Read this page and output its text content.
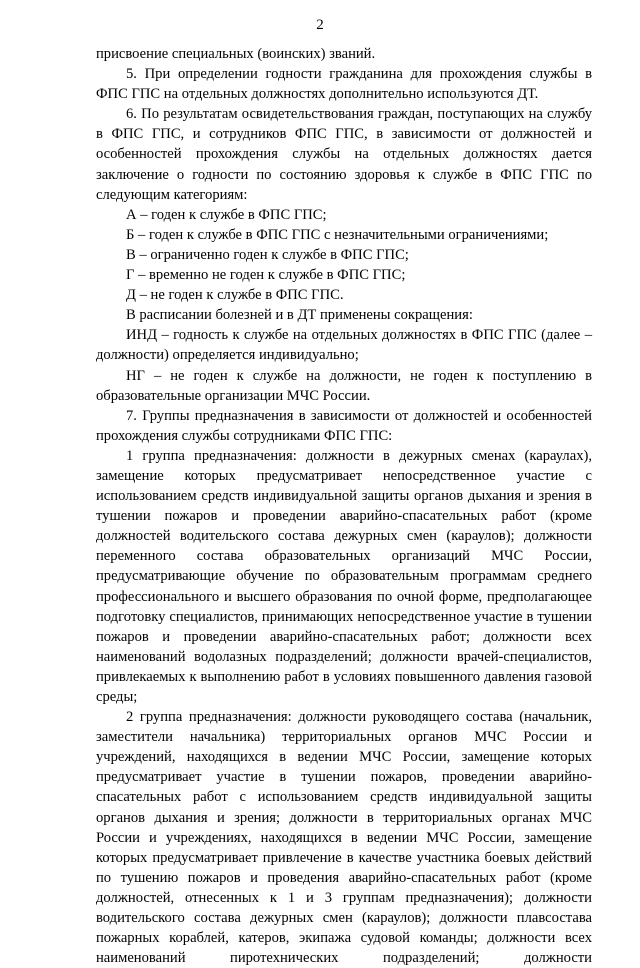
2

присвоение специальных (воинских) званий.

5. При определении годности гражданина для прохождения службы в ФПС ГПС на отдельных должностях дополнительно используются ДТ.

6. По результатам освидетельствования граждан, поступающих на службу в ФПС ГПС, и сотрудников ФПС ГПС, в зависимости от должностей и особенностей прохождения службы на отдельных должностях дается заключение о годности по состоянию здоровья к службе в ФПС ГПС по следующим категориям:

А – годен к службе в ФПС ГПС;

Б – годен к службе в ФПС ГПС с незначительными ограничениями;

В – ограниченно годен к службе в ФПС ГПС;

Г – временно не годен к службе в ФПС ГПС;

Д – не годен к службе в ФПС ГПС.

В расписании болезней и в ДТ применены сокращения:

ИНД – годность к службе на отдельных должностях в ФПС ГПС (далее – должности) определяется индивидуально;

НГ – не годен к службе на должности, не годен к поступлению в образовательные организации МЧС России.

7. Группы предназначения в зависимости от должностей и особенностей прохождения службы сотрудниками ФПС ГПС:

1 группа предназначения: должности в дежурных сменах (караулах), замещение которых предусматривает непосредственное участие с использованием средств индивидуальной защиты органов дыхания и зрения в тушении пожаров и проведении аварийно-спасательных работ (кроме должностей водительского состава дежурных смен (караулов); должности переменного состава образовательных организаций МЧС России, предусматривающие обучение по образовательным программам среднего профессионального и высшего образования по очной форме, предполагающее подготовку специалистов, принимающих непосредственное участие в тушении пожаров и проведении аварийно-спасательных работ; должности всех наименований водолазных подразделений; должности врачей-специалистов, привлекаемых к выполнению работ в условиях повышенного давления газовой среды;

2 группа предназначения: должности руководящего состава (начальник, заместители начальника) территориальных органов МЧС России и учреждений, находящихся в ведении МЧС России, замещение которых предусматривает участие в тушении пожаров, проведении аварийно-спасательных работ с использованием средств индивидуальной защиты органов дыхания и зрения; должности в территориальных органах МЧС России и учреждениях, находящихся в ведении МЧС России, замещение которых предусматривает привлечение в качестве участника боевых действий по тушению пожаров и проведения аварийно-спасательных работ (кроме должностей, отнесенных к 1 и 3 группам предназначения); должности водительского состава дежурных смен (караулов); должности плавсостава пожарных кораблей, катеров, экипажа судовой команды; должности всех наименований пиротехнических подразделений; должности
